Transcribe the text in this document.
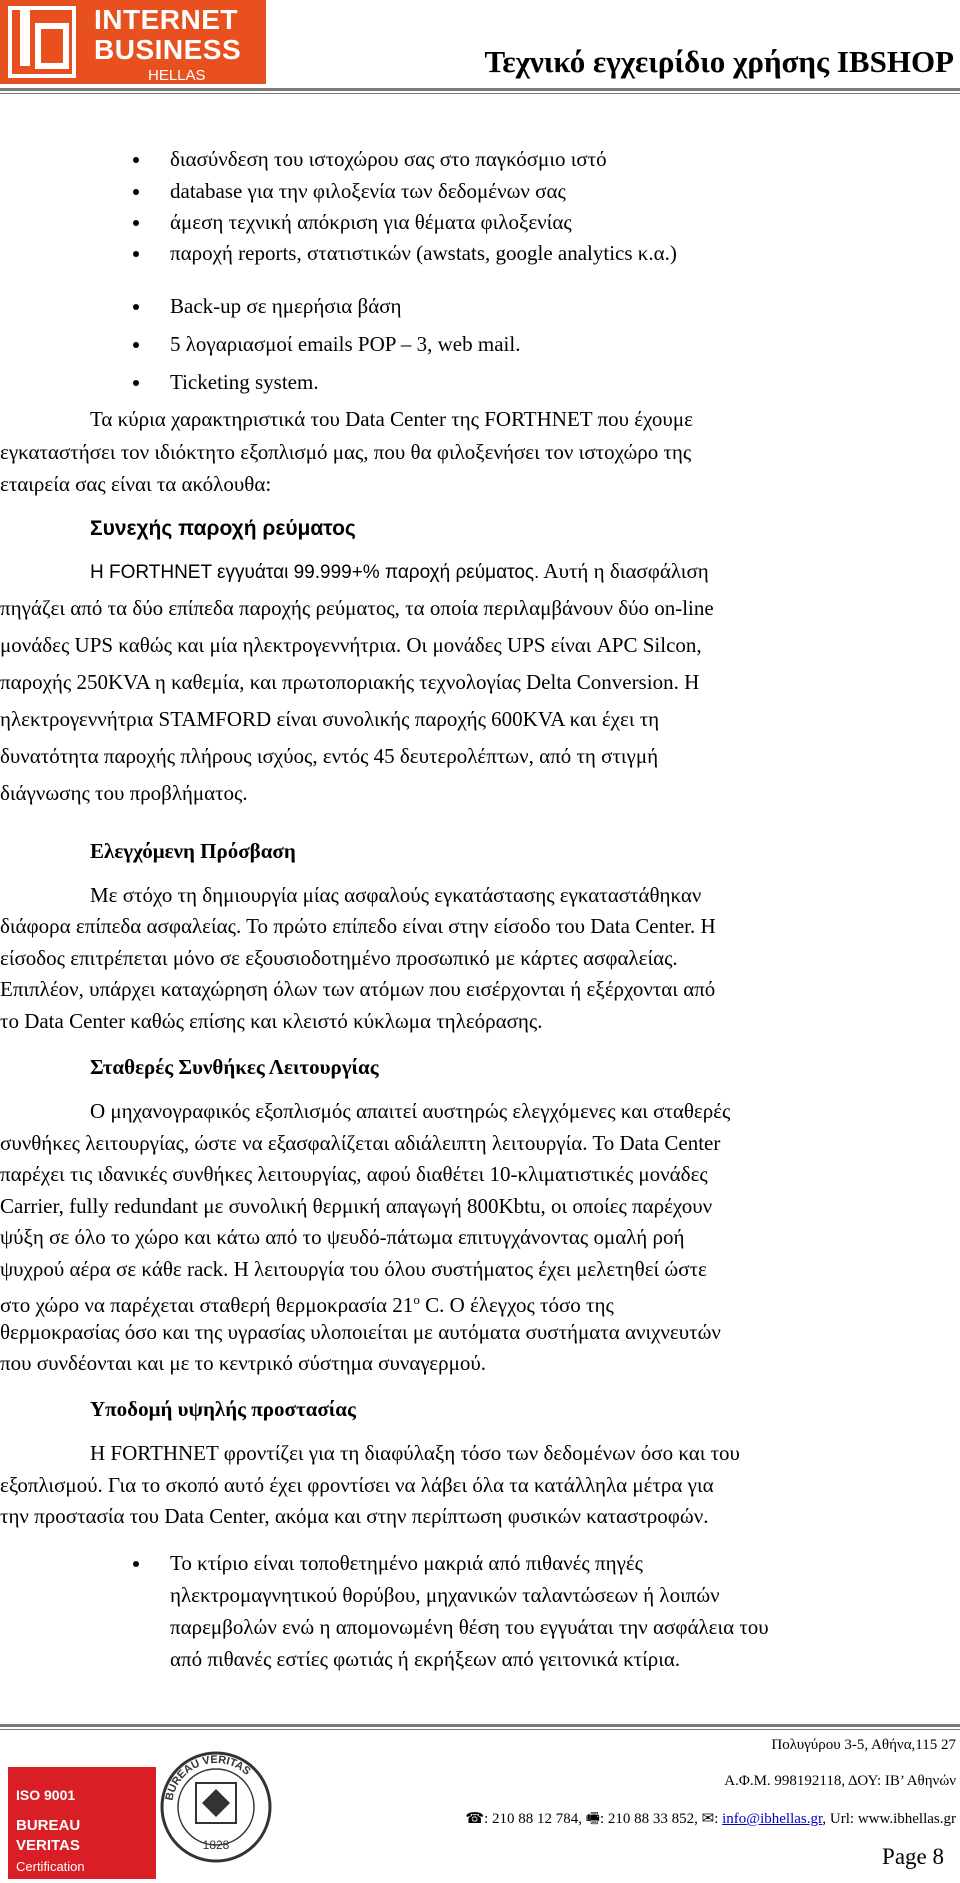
INTERNET
BUSINESS
HELLAS	Τεχνικό εγχειρίδιο χρήσης IBSHOP
διασύνδεση του ιστοχώρου σας στο παγκόσμιο ιστό
database για την φιλοξενία των δεδομένων σας
άμεση τεχνική απόκριση για θέματα φιλοξενίας
παροχή reports, στατιστικών (awstats, google analytics κ.α.)
Back-up σε ημερήσια βάση
5 λογαριασμοί emails POP – 3, web mail.
Ticketing system.
Τα κύρια χαρακτηριστικά του Data Center της FORTHNET που έχουμε
εγκαταστήσει τον ιδιόκτητο εξοπλισμό μας, που θα φιλοξενήσει τον ιστοχώρο της
εταιρεία σας είναι τα ακόλουθα:
Συνεχής παροχή ρεύματος
Η FORTHNET εγγυάται 99.999+% παροχή ρεύματος. Αυτή η διασφάλιση
πηγάζει από τα δύο επίπεδα παροχής ρεύματος, τα οποία περιλαμβάνουν δύο on-line
μονάδες UPS καθώς και μία ηλεκτρογεννήτρια. Οι μονάδες UPS είναι APC Silcon,
παροχής 250KVA η καθεμία, και πρωτοποριακής τεχνολογίας Delta Conversion. Η
ηλεκτρογεννήτρια STAMFORD είναι συνολικής παροχής 600KVA και έχει τη
δυνατότητα παροχής πλήρους ισχύος, εντός 45 δευτερολέπτων, από τη στιγμή
διάγνωσης του προβλήματος.
Ελεγχόμενη Πρόσβαση
Με στόχο τη δημιουργία μίας ασφαλούς εγκατάστασης εγκαταστάθηκαν
διάφορα επίπεδα ασφαλείας. Το πρώτο επίπεδο είναι στην είσοδο του Data Center. Η
είσοδος επιτρέπεται μόνο σε εξουσιοδοτημένο προσωπικό με κάρτες ασφαλείας.
Επιπλέον, υπάρχει καταχώρηση όλων των ατόμων που εισέρχονται ή εξέρχονται από
το Data Center καθώς επίσης και κλειστό κύκλωμα τηλεόρασης.
Σταθερές Συνθήκες Λειτουργίας
Ο μηχανογραφικός εξοπλισμός απαιτεί αυστηρώς ελεγχόμενες και σταθερές
συνθήκες λειτουργίας, ώστε να εξασφαλίζεται αδιάλειπτη λειτουργία. Το Data Center
παρέχει τις ιδανικές συνθήκες λειτουργίας, αφού διαθέτει 10-κλιματιστικές μονάδες
Carrier, fully redundant με συνολική θερμική απαγωγή 800Kbtu, οι οποίες παρέχουν
ψύξη σε όλο το χώρο και κάτω από το ψευδό-πάτωμα επιτυγχάνοντας ομαλή ροή
ψυχρού αέρα σε κάθε rack. Η λειτουργία του όλου συστήματος έχει μελετηθεί ώστε
στο χώρο να παρέχεται σταθερή θερμοκρασία 21$^o$ C. O έλεγχος τόσο της
θερμοκρασίας όσο και της υγρασίας υλοποιείται με αυτόματα συστήματα ανιχνευτών
που συνδέονται και με το κεντρικό σύστημα συναγερμού.
Υποδομή υψηλής προστασίας
Η FORTHNET φροντίζει για τη διαφύλαξη τόσο των δεδομένων όσο και του
εξοπλισμού. Για το σκοπό αυτό έχει φροντίσει να λάβει όλα τα κατάλληλα μέτρα για
την προστασία του Data Center, ακόμα και στην περίπτωση φυσικών καταστροφών.
Το κτίριο είναι τοποθετημένο μακριά από πιθανές πηγές
ηλεκτρομαγνητικού θορύβου, μηχανικών ταλαντώσεων ή λοιπών
παρεμβολών ενώ η απομονωμένη θέση του εγγυάται την ασφάλεια του
από πιθανές εστίες φωτιάς ή εκρήξεων από γειτονικά κτίρια.
ISO 9001
BUREAU
VERITAS
Certification
BUREAU VERITAS
1828
Πολυγύρου 3-5, Αθήνα,115 27
Α.Φ.Μ. 998192118, ΔΟΥ: ΙΒ’ Αθηνών
☎: 210 88 12 784, 🖷: 210 88 33 852, ✉: info@ibhellas.gr, Url: www.ibhellas.gr
Page 8
